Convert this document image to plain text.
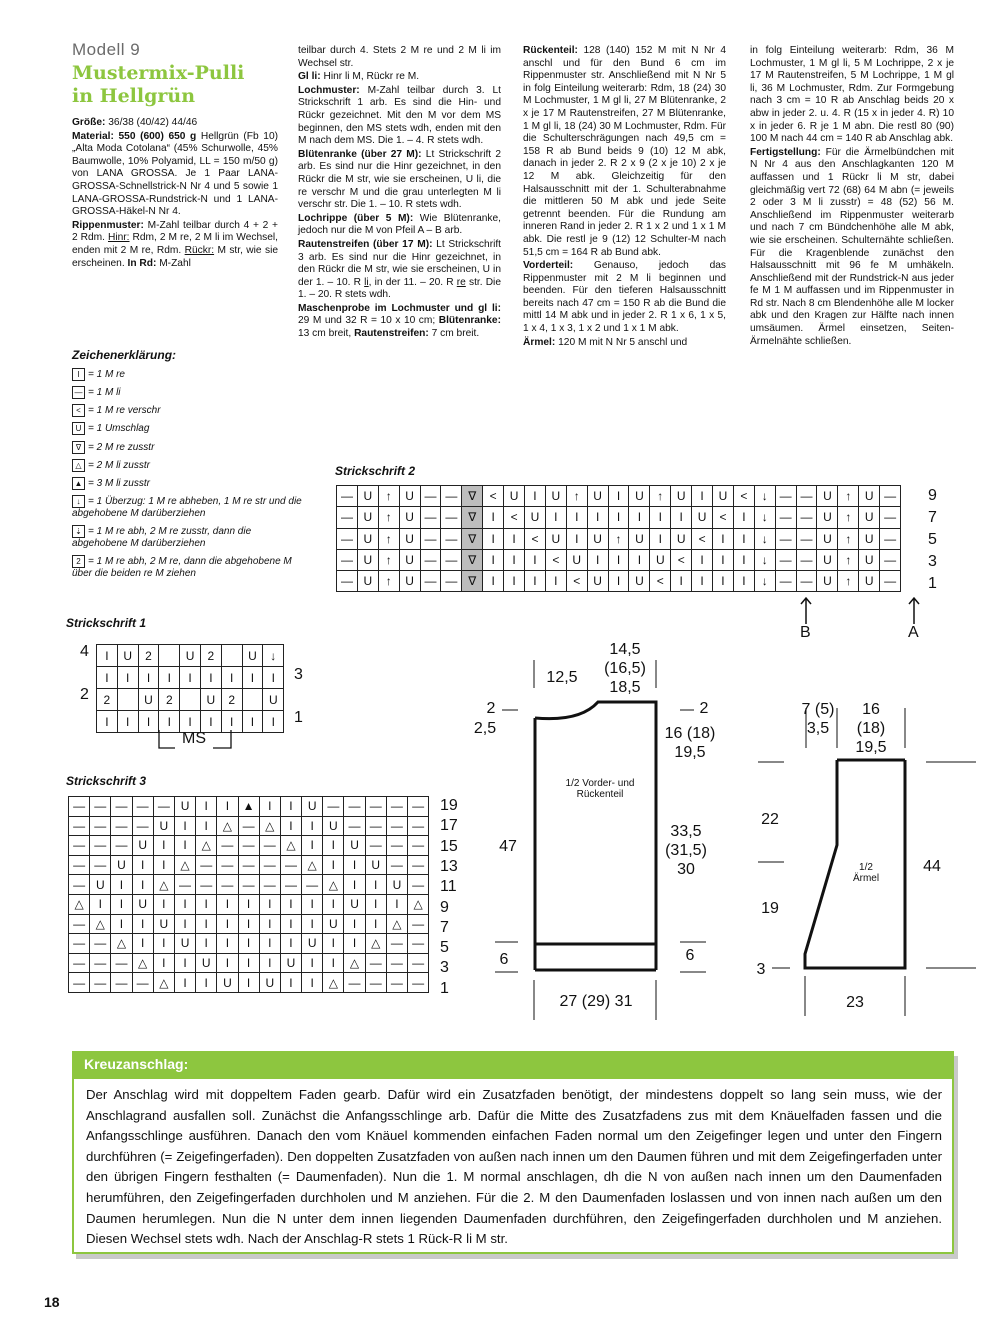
Modell 9
Mustermix-Pulli
in Hellgrün

Größe: 36/38 (40/42) 44/46

Material: 550 (600) 650 g Hellgrün (Fb 10) „Alta Moda Cotolana“ (45% Schurwolle, 45% Baumwolle, 10% Polyamid, LL = 150 m/50 g) von LANA GROSSA. Je 1 Paar LANA-GROSSA-Schnellstrick-N Nr 4 und 5 sowie 1 LANA-GROSSA-Rundstrick-N und 1 LANA-GROSSA-Häkel-N Nr 4.

Rippenmuster: M-Zahl teilbar durch 4 + 2 + 2 Rdm. Hinr: Rdm, 2 M re, 2 M li im Wechsel, enden mit 2 M re, Rdm. Rückr: M str, wie sie erscheinen. In Rd: M-Zahl

teilbar durch 4. Stets 2 M re und 2 M li im Wechsel str.

Gl li: Hinr li M, Rückr re M.

Lochmuster: M-Zahl teilbar durch 3. Lt Strickschrift 1 arb. Es sind die Hin- und Rückr gezeichnet. Mit den M vor dem MS beginnen, den MS stets wdh, enden mit den M nach dem MS. Die 1. – 4. R stets wdh.

Blütenranke (über 27 M): Lt Strickschrift 2 arb. Es sind nur die Hinr gezeichnet, in den Rückr die M str, wie sie erscheinen, U li, die re verschr M und die grau unterlegten M li verschr str. Die 1. – 10. R stets wdh.

Lochrippe (über 5 M): Wie Blütenranke, jedoch nur die M von Pfeil A – B arb.

Rautenstreifen (über 17 M): Lt Strickschrift 3 arb. Es sind nur die Hinr gezeichnet, in den Rückr die M str, wie sie erscheinen, U in der 1. – 10. R li, in der 11. – 20. R re str. Die 1. – 20. R stets wdh.

Maschenprobe im Lochmuster und gl li: 29 M und 32 R = 10 x 10 cm; Blütenranke: 13 cm breit, Rautenstreifen: 7 cm breit.

Rückenteil: 128 (140) 152 M mit N Nr 4 anschl und für den Bund 6 cm im Rippenmuster str. Anschließend mit N Nr 5 in folg Einteilung weiterarb: Rdm, 18 (24) 30 M Lochmuster, 1 M gl li, 27 M Blütenranke, 2 x je 17 M Rautenstreifen, 27 M Blütenranke, 1 M gl li, 18 (24) 30 M Lochmuster, Rdm. Für die Schulterschrägungen nach 49,5 cm = 158 R ab Bund beids 9 (10) 12 M abk, danach in jeder 2. R 2 x 9 (2 x je 10) 2 x je 12 M abk. Gleichzeitig für den Halsausschnitt mit der 1. Schulterabnahme die mittleren 50 M abk und jede Seite getrennt beenden. Für die Rundung am inneren Rand in jeder 2. R 1 x 2 und 1 x 1 M abk. Die restl je 9 (12) 12 Schulter-M nach 51,5 cm = 164 R ab Bund abk.

Vorderteil: Genauso, jedoch das Rippenmuster mit 2 M li beginnen und beenden. Für den tieferen Halsausschnitt bereits nach 47 cm = 150 R ab die Bund die mittl 14 M abk und in jeder 2. R 1 x 6, 1 x 5, 1 x 4, 1 x 3, 1 x 2 und 1 x 1 M abk.

Ärmel: 120 M mit N Nr 5 anschl und

in folg Einteilung weiterarb: Rdm, 36 M Lochmuster, 1 M gl li, 5 M Lochrippe, 2 x je 17 M Rautenstreifen, 5 M Lochrippe, 1 M gl li, 36 M Lochmuster, Rdm. Zur Formgebung nach 3 cm = 10 R ab Anschlag beids 20 x abw in jeder 2. u. 4. R (15 x in jeder 4. R) 10 x in jeder 6. R je 1 M abn. Die restl 80 (90) 100 M nach 44 cm = 140 R ab Anschlag abk.

Fertigstellung: Für die Ärmelbündchen mit N Nr 4 aus den Anschlagkanten 120 M auffassen und 1 Rückr li M str, dabei gleichmäßig vert 72 (68) 64 M abn (= jeweils 2 oder 3 M li zusstr) = 48 (52) 56 M. Anschließend im Rippenmuster weiterarb und nach 7 cm Bündchenhöhe alle M abk, wie sie erscheinen. Schulternähte schließen. Für die Kragenblende zunächst den Halsausschnitt mit 96 fe M umhäkeln. Anschließend mit der Rundstrick-N aus jeder fe M 1 M auffassen und im Rippenmuster in Rd str. Nach 8 cm Blendenhöhe alle M locker abk und den Kragen zur Hälfte nach innen umsäumen. Ärmel einsetzen, Seiten-Ärmelnähte schließen.

Zeichenerklärung:
I = 1 M re
— = 1 M li
< = 1 M re verschr
U = 1 Umschlag
∇ = 2 M re zusstr
△ = 2 M li zusstr
▲ = 3 M li zusstr
↓ = 1 Überzug: 1 M re abheben, 1 M re str und die abgehobene M darüberziehen
⇣ = 1 M re abh, 2 M re zusstr, dann die abgehobene M darüberziehen
2 = 1 M re abh, 2 M re, dann die abgehobene M über die beiden re M ziehen
Strickschrift 2
—	U	↑	U	—	—	∇	<	U	I	U	↑	U	I	U	↑	U	I	U	<	↓	—	—	U	↑	U	—
—	U	↑	U	—	—	∇	I	<	U	I	I	I	I	I	I	I	U	<	I	↓	—	—	U	↑	U	—
—	U	↑	U	—	—	∇	I	I	<	U	I	U	↑	U	I	U	<	I	I	↓	—	—	U	↑	U	—
—	U	↑	U	—	—	∇	I	I	I	<	U	I	I	I	U	<	I	I	I	↓	—	—	U	↑	U	—
—	U	↑	U	—	—	∇	I	I	I	I	<	U	I	U	<	I	I	I	I	↓	—	—	U	↑	U	—
9
7
5
3
1
B	A
Strickschrift 1
I	U	2		U	2		U	↓
I	I	I	I	I	I	I	I	I
2		U	2		U	2		U
I	I	I	I	I	I	I	I	I
4
2
3
1
MS
Strickschrift 3
—	—	—	—	—	U	I	I	▲	I	I	U	—	—	—	—	—
—	—	—	—	U	I	I	△	—	△	I	I	U	—	—	—	—
—	—	—	U	I	I	△	—	—	—	△	I	I	U	—	—	—
—	—	U	I	I	△	—	—	—	—	—	△	I	I	U	—	—
—	U	I	I	△	—	—	—	—	—	—	—	△	I	I	U	—
△	I	I	U	I	I	I	I	I	I	I	I	I	U	I	I	△
—	△	I	I	U	I	I	I	I	I	I	I	U	I	I	△	—
—	—	△	I	I	U	I	I	I	I	I	U	I	I	△	—	—
—	—	—	△	I	I	U	I	I	I	U	I	I	△	—	—	—
—	—	—	—	△	I	I	U	I	U	I	I	△	—	—	—	—
19
17
15
13
11
9
7
5
3
1
12,5
14,5 (16,5) 18,5
2
2,5
2
16 (18) 19,5
47
33,5 (31,5) 30
6	6
27 (29) 31
1/2 Vorder- und Rückenteil
7 (5) 3,5
16 (18) 19,5
22
19
3
44
23
1/2 Ärmel
Kreuzanschlag:
Der Anschlag wird mit doppeltem Faden gearb. Dafür wird ein Zusatzfaden benötigt, der mindestens doppelt so lang sein muss, wie der Anschlagrand ausfallen soll. Zunächst die Anfangsschlinge arb. Dafür die Mitte des Zusatzfadens zus mit dem Knäuelfaden fassen und die Anfangsschlinge ausführen. Danach den vom Knäuel kommenden einfachen Faden normal um den Zeigefinger legen und unter den Fingern durchführen (= Zeigefingerfaden). Den doppelten Zusatzfaden von außen nach innen um den Daumen führen und mit dem Zeigefingerfaden unter den übrigen Fingern festhalten (= Daumenfaden). Nun die 1. M normal anschlagen, dh die N von außen nach innen um den Daumenfaden herumführen, den Zeigefingerfaden durchholen und M anziehen. Für die 2. M den Daumenfaden loslassen und von innen nach außen um den Daumen herumlegen. Nun die N unter dem innen liegenden Daumenfaden durchführen, den Zeigefingerfaden durchholen und M anziehen. Diesen Wechsel stets wdh. Nach der Anschlag-R stets 1 Rück-R li M str.
18
